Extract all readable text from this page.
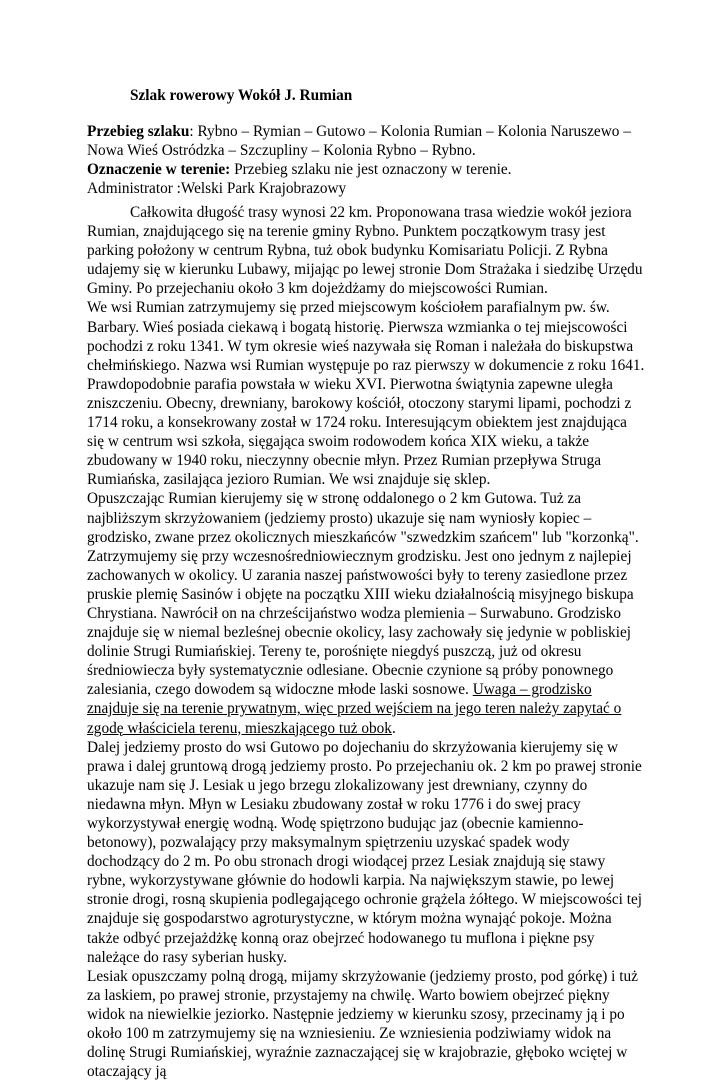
Szlak rowerowy Wokół J. Rumian

Przebieg szlaku: Rybno – Rymian – Gutowo – Kolonia Rumian – Kolonia Naruszewo – Nowa Wieś Ostródzka – Szczupliny – Kolonia Rybno – Rybno.

Oznaczenie w terenie: Przebieg szlaku nie jest oznaczony w terenie.

Administrator :Welski Park Krajobrazowy

Całkowita długość trasy wynosi 22 km. Proponowana trasa wiedzie wokół jeziora Rumian, znajdującego się na terenie gminy Rybno. Punktem początkowym trasy jest parking położony w centrum Rybna, tuż obok budynku Komisariatu Policji. Z Rybna udajemy się w kierunku Lubawy, mijając po lewej stronie Dom Strażaka i siedzibę Urzędu Gminy. Po przejechaniu około 3 km dojeżdżamy do miejscowości Rumian.

We wsi Rumian zatrzymujemy się przed miejscowym kościołem parafialnym pw. św. Barbary. Wieś posiada ciekawą i bogatą historię. Pierwsza wzmianka o tej miejscowości pochodzi z roku 1341. W tym okresie wieś nazywała się Roman i należała do biskupstwa chełmińskiego. Nazwa wsi Rumian występuje po raz pierwszy w dokumencie z roku 1641. Prawdopodobnie parafia powstała w wieku XVI. Pierwotna świątynia zapewne uległa zniszczeniu. Obecny, drewniany, barokowy kościół, otoczony starymi lipami, pochodzi z 1714 roku, a konsekrowany został w 1724 roku. Interesującym obiektem jest znajdująca się w centrum wsi szkoła, sięgająca swoim rodowodem końca XIX wieku, a także zbudowany w 1940 roku, nieczynny obecnie młyn. Przez Rumian przepływa Struga Rumiańska, zasilająca jezioro Rumian. We wsi znajduje się sklep.

Opuszczając Rumian kierujemy się w stronę oddalonego o 2 km Gutowa. Tuż za najbliższym skrzyżowaniem (jedziemy prosto) ukazuje się nam wyniosły kopiec – grodzisko, zwane przez okolicznych mieszkańców "szwedzkim szańcem" lub "korzonką". Zatrzymujemy się przy wczesnośredniowiecznym grodzisku. Jest ono jednym z najlepiej zachowanych w okolicy. U zarania naszej państwowości były to tereny zasiedlone przez pruskie plemię Sasinów i objęte na początku XIII wieku działalnością misyjnego biskupa Chrystiana. Nawrócił on na chrześcijaństwo wodza plemienia – Surwabuno. Grodzisko znajduje się w niemal bezleśnej obecnie okolicy, lasy zachowały się jedynie w pobliskiej dolinie Strugi Rumiańskiej. Tereny te, porośnięte niegdyś puszczą, już od okresu średniowiecza były systematycznie odlesiane. Obecnie czynione są próby ponownego zalesiania, czego dowodem są widoczne młode laski sosnowe. Uwaga – grodzisko znajduje się na terenie prywatnym, więc przed wejściem na jego teren należy zapytać o zgodę właściciela terenu, mieszkającego tuż obok.

Dalej jedziemy prosto do wsi Gutowo po dojechaniu do skrzyżowania kierujemy się w prawa i dalej gruntową drogą jedziemy prosto. Po przejechaniu ok. 2 km po prawej stronie ukazuje nam się J. Lesiak u jego brzegu zlokalizowany jest drewniany, czynny do niedawna młyn. Młyn w Lesiaku zbudowany został w roku 1776 i do swej pracy wykorzystywał energię wodną. Wodę spiętrzono budując jaz (obecnie kamienno-betonowy), pozwalający przy maksymalnym spiętrzeniu uzyskać spadek wody dochodzący do 2 m. Po obu stronach drogi wiodącej przez Lesiak znajdują się stawy rybne, wykorzystywane głównie do hodowli karpia. Na największym stawie, po lewej stronie drogi, rosną skupienia podlegającego ochronie grążela żółtego. W miejscowości tej znajduje się gospodarstwo agroturystyczne, w którym można wynająć pokoje. Można także odbyć przejażdżkę konną oraz obejrzeć hodowanego tu muflona i piękne psy należące do rasy syberian husky.

Lesiak opuszczamy polną drogą, mijamy skrzyżowanie (jedziemy prosto, pod górkę) i tuż za laskiem, po prawej stronie, przystajemy na chwilę. Warto bowiem obejrzeć piękny widok na niewielkie jeziorko. Następnie jedziemy w kierunku szosy, przecinamy ją i po około 100 m zatrzymujemy się na wzniesieniu. Ze wzniesienia podziwiamy widok na dolinę Strugi Rumiańskiej, wyraźnie zaznaczającej się w krajobrazie, głęboko wciętej w otaczający ją
